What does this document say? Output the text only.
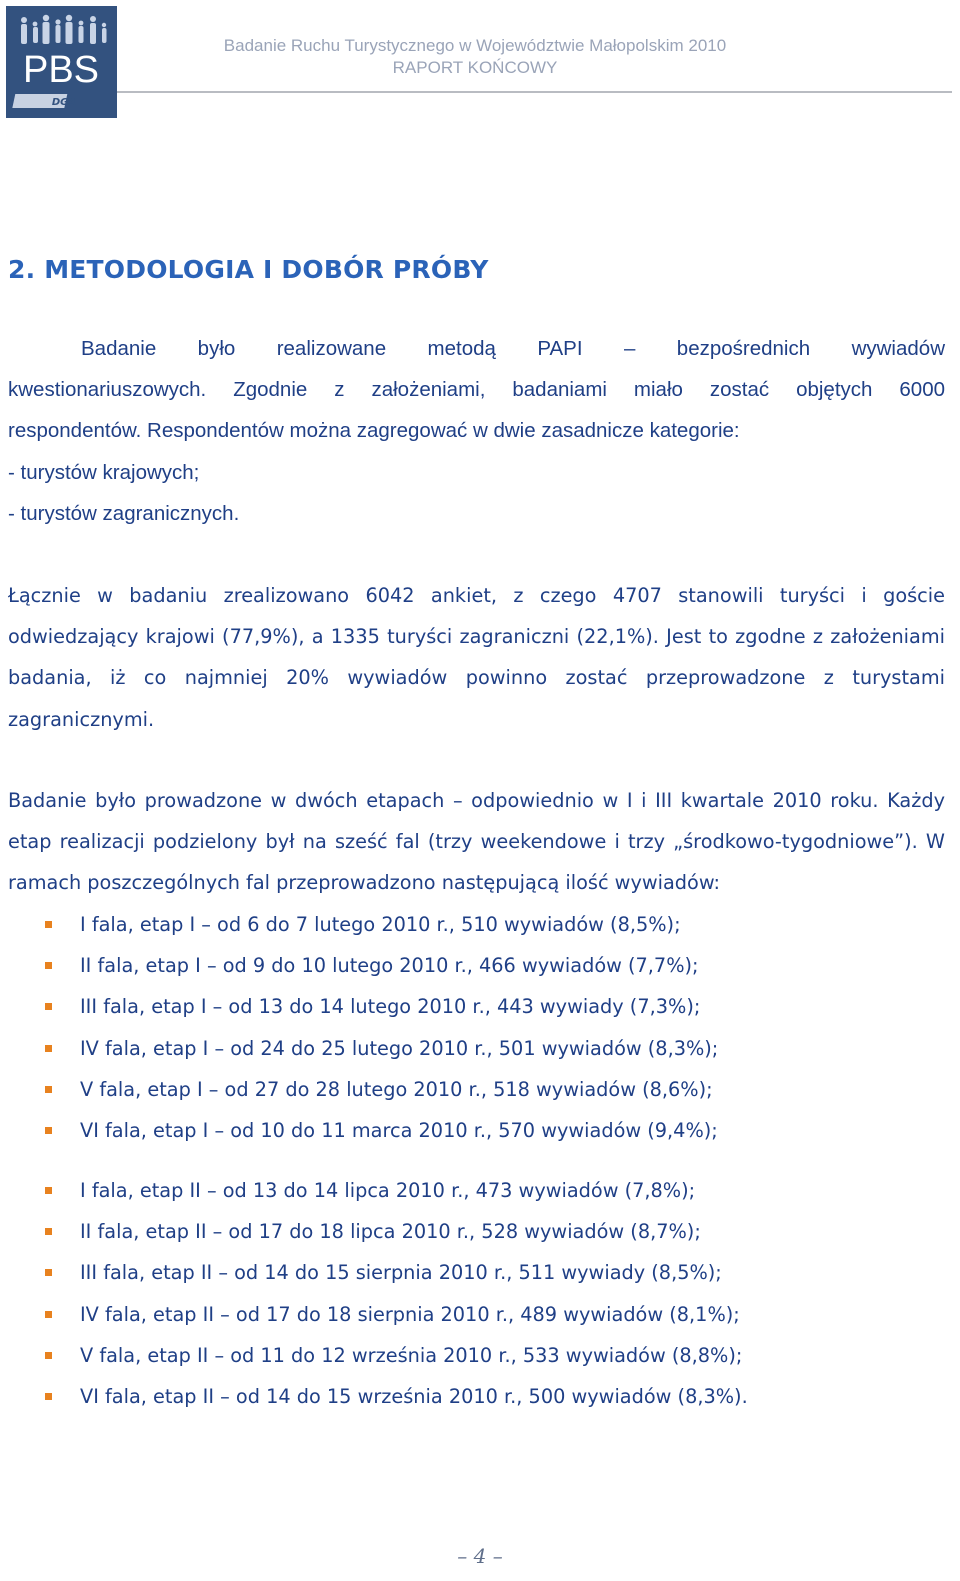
PBS
DGA
Badanie Ruchu Turystycznego w Województwie Małopolskim 2010
RAPORT KOŃCOWY
2. METODOLOGIA I DOBÓR PRÓBY
Badanie było realizowane metodą PAPI – bezpośrednich wywiadów
kwestionariuszowych. Zgodnie z założeniami, badaniami miało zostać objętych 6000
respondentów. Respondentów można zagregować w dwie zasadnicze kategorie:
- turystów krajowych;
- turystów zagranicznych.

Łącznie w badaniu zrealizowano 6042 ankiet, z czego 4707 stanowili turyści i goście odwiedzający krajowi (77,9%), a 1335 turyści zagraniczni (22,1%). Jest to zgodne z założeniami badania, iż co najmniej 20% wywiadów powinno zostać przeprowadzone z turystami zagranicznymi.

Badanie było prowadzone w dwóch etapach – odpowiednio w I i III kwartale 2010 roku. Każdy etap realizacji podzielony był na sześć fal (trzy weekendowe i trzy „środkowo-tygodniowe”). W ramach poszczególnych fal przeprowadzono następującą ilość wywiadów:

I fala, etap I – od 6 do 7 lutego 2010 r., 510 wywiadów (8,5%);
II fala, etap I – od 9 do 10 lutego 2010 r., 466 wywiadów (7,7%);
III fala, etap I – od 13 do 14 lutego 2010 r., 443 wywiady (7,3%);
IV fala, etap I – od 24 do 25 lutego 2010 r., 501 wywiadów (8,3%);
V fala, etap I – od 27 do 28 lutego 2010 r., 518 wywiadów (8,6%);
VI fala, etap I – od 10 do 11 marca 2010 r., 570 wywiadów (9,4%);
I fala, etap II – od 13 do 14 lipca 2010 r., 473 wywiadów (7,8%);
II fala, etap II – od 17 do 18 lipca 2010 r., 528 wywiadów (8,7%);
III fala, etap II – od 14 do 15 sierpnia 2010 r., 511 wywiady (8,5%);
IV fala, etap II – od 17 do 18 sierpnia 2010 r., 489 wywiadów (8,1%);
V fala, etap II – od 11 do 12 września 2010 r., 533 wywiadów (8,8%);
VI fala, etap II – od 14 do 15 września 2010 r., 500 wywiadów (8,3%).
– 4 –
